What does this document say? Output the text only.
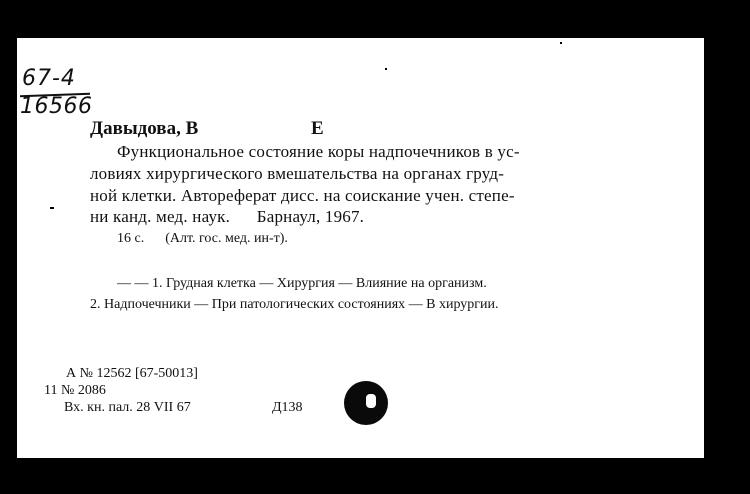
67-4
16566
Давыдова, В	Е
Функциональное состояние коры надпочечников в ус-
ловиях хирургического вмешательства на органах груд-
ной клетки. Автореферат дисс. на соискание учен. степе-
ни канд. мед. наук.      Барнаул, 1967.
16 с.      (Алт. гос. мед. ин-т).
— — 1. Грудная клетка — Хирургия — Влияние на организм.
2. Надпочечники — При патологических состояниях — В хирургии.
А № 12562 [67-50013]
11 № 2086
Вх. кн. пал. 28 VII 67	Д138
